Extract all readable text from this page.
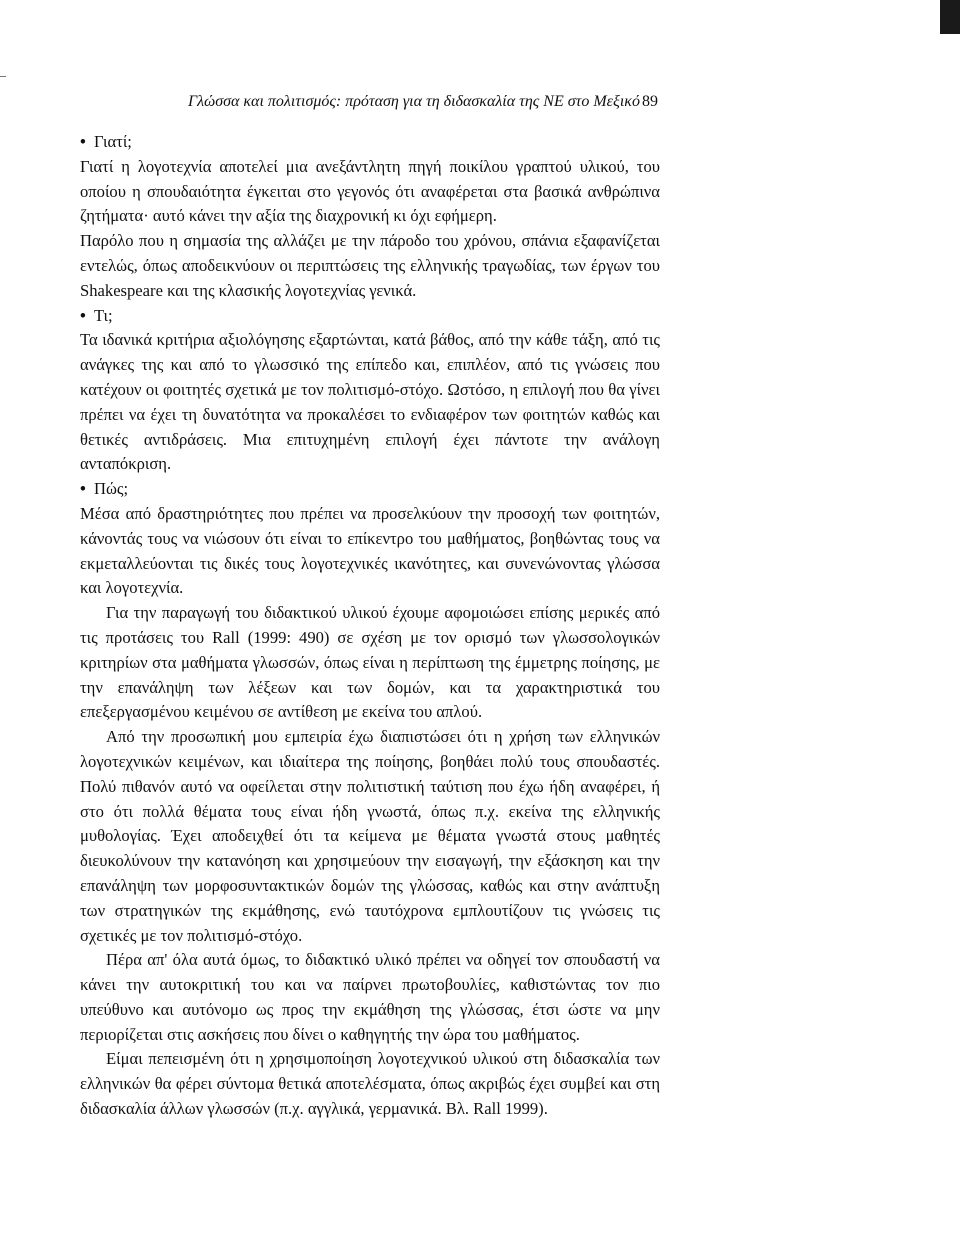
Γλώσσα και πολιτισμός: πρόταση για τη διδασκαλία της ΝΕ στο Μεξικό 89

• Γιατί;

Γιατί η λογοτεχνία αποτελεί μια ανεξάντλητη πηγή ποικίλου γραπτού υλικού, του οποίου η σπουδαιότητα έγκειται στο γεγονός ότι αναφέρεται στα βασικά ανθρώπινα ζητήματα· αυτό κάνει την αξία της διαχρονική κι όχι εφήμερη.

Παρόλο που η σημασία της αλλάζει με την πάροδο του χρόνου, σπάνια εξαφανίζεται εντελώς, όπως αποδεικνύουν οι περιπτώσεις της ελληνικής τραγωδίας, των έργων του Shakespeare και της κλασικής λογοτεχνίας γενικά.

• Τι;

Τα ιδανικά κριτήρια αξιολόγησης εξαρτώνται, κατά βάθος, από την κάθε τάξη, από τις ανάγκες της και από το γλωσσικό της επίπεδο και, επιπλέον, από τις γνώσεις που κατέχουν οι φοιτητές σχετικά με τον πολιτισμό-στόχο. Ωστόσο, η επιλογή που θα γίνει πρέπει να έχει τη δυνατότητα να προκαλέσει το ενδιαφέρον των φοιτητών καθώς και θετικές αντιδράσεις. Μια επιτυχημένη επιλογή έχει πάντοτε την ανάλογη ανταπόκριση.

• Πώς;

Μέσα από δραστηριότητες που πρέπει να προσελκύουν την προσοχή των φοιτητών, κάνοντάς τους να νιώσουν ότι είναι το επίκεντρο του μαθήματος, βοηθώντας τους να εκμεταλλεύονται τις δικές τους λογοτεχνικές ικανότητες, και συνενώνοντας γλώσσα και λογοτεχνία.

Για την παραγωγή του διδακτικού υλικού έχουμε αφομοιώσει επίσης μερικές από τις προτάσεις του Rall (1999: 490) σε σχέση με τον ορισμό των γλωσσολογικών κριτηρίων στα μαθήματα γλωσσών, όπως είναι η περίπτωση της έμμετρης ποίησης, με την επανάληψη των λέξεων και των δομών, και τα χαρακτηριστικά του επεξεργασμένου κειμένου σε αντίθεση με εκείνα του απλού.

Από την προσωπική μου εμπειρία έχω διαπιστώσει ότι η χρήση των ελληνικών λογοτεχνικών κειμένων, και ιδιαίτερα της ποίησης, βοηθάει πολύ τους σπουδαστές. Πολύ πιθανόν αυτό να οφείλεται στην πολιτιστική ταύτιση που έχω ήδη αναφέρει, ή στο ότι πολλά θέματα τους είναι ήδη γνωστά, όπως π.χ. εκείνα της ελληνικής μυθολογίας. Έχει αποδειχθεί ότι τα κείμενα με θέματα γνωστά στους μαθητές διευκολύνουν την κατανόηση και χρησιμεύουν την εισαγωγή, την εξάσκηση και την επανάληψη των μορφοσυντακτικών δομών της γλώσσας, καθώς και στην ανάπτυξη των στρατηγικών της εκμάθησης, ενώ ταυτόχρονα εμπλουτίζουν τις γνώσεις τις σχετικές με τον πολιτισμό-στόχο.

Πέρα απ' όλα αυτά όμως, το διδακτικό υλικό πρέπει να οδηγεί τον σπουδαστή να κάνει την αυτοκριτική του και να παίρνει πρωτοβουλίες, καθιστώντας τον πιο υπεύθυνο και αυτόνομο ως προς την εκμάθηση της γλώσσας, έτσι ώστε να μην περιορίζεται στις ασκήσεις που δίνει ο καθηγητής την ώρα του μαθήματος.

Είμαι πεπεισμένη ότι η χρησιμοποίηση λογοτεχνικού υλικού στη διδασκαλία των ελληνικών θα φέρει σύντομα θετικά αποτελέσματα, όπως ακριβώς έχει συμβεί και στη διδασκαλία άλλων γλωσσών (π.χ. αγγλικά, γερμανικά. Βλ. Rall 1999).
